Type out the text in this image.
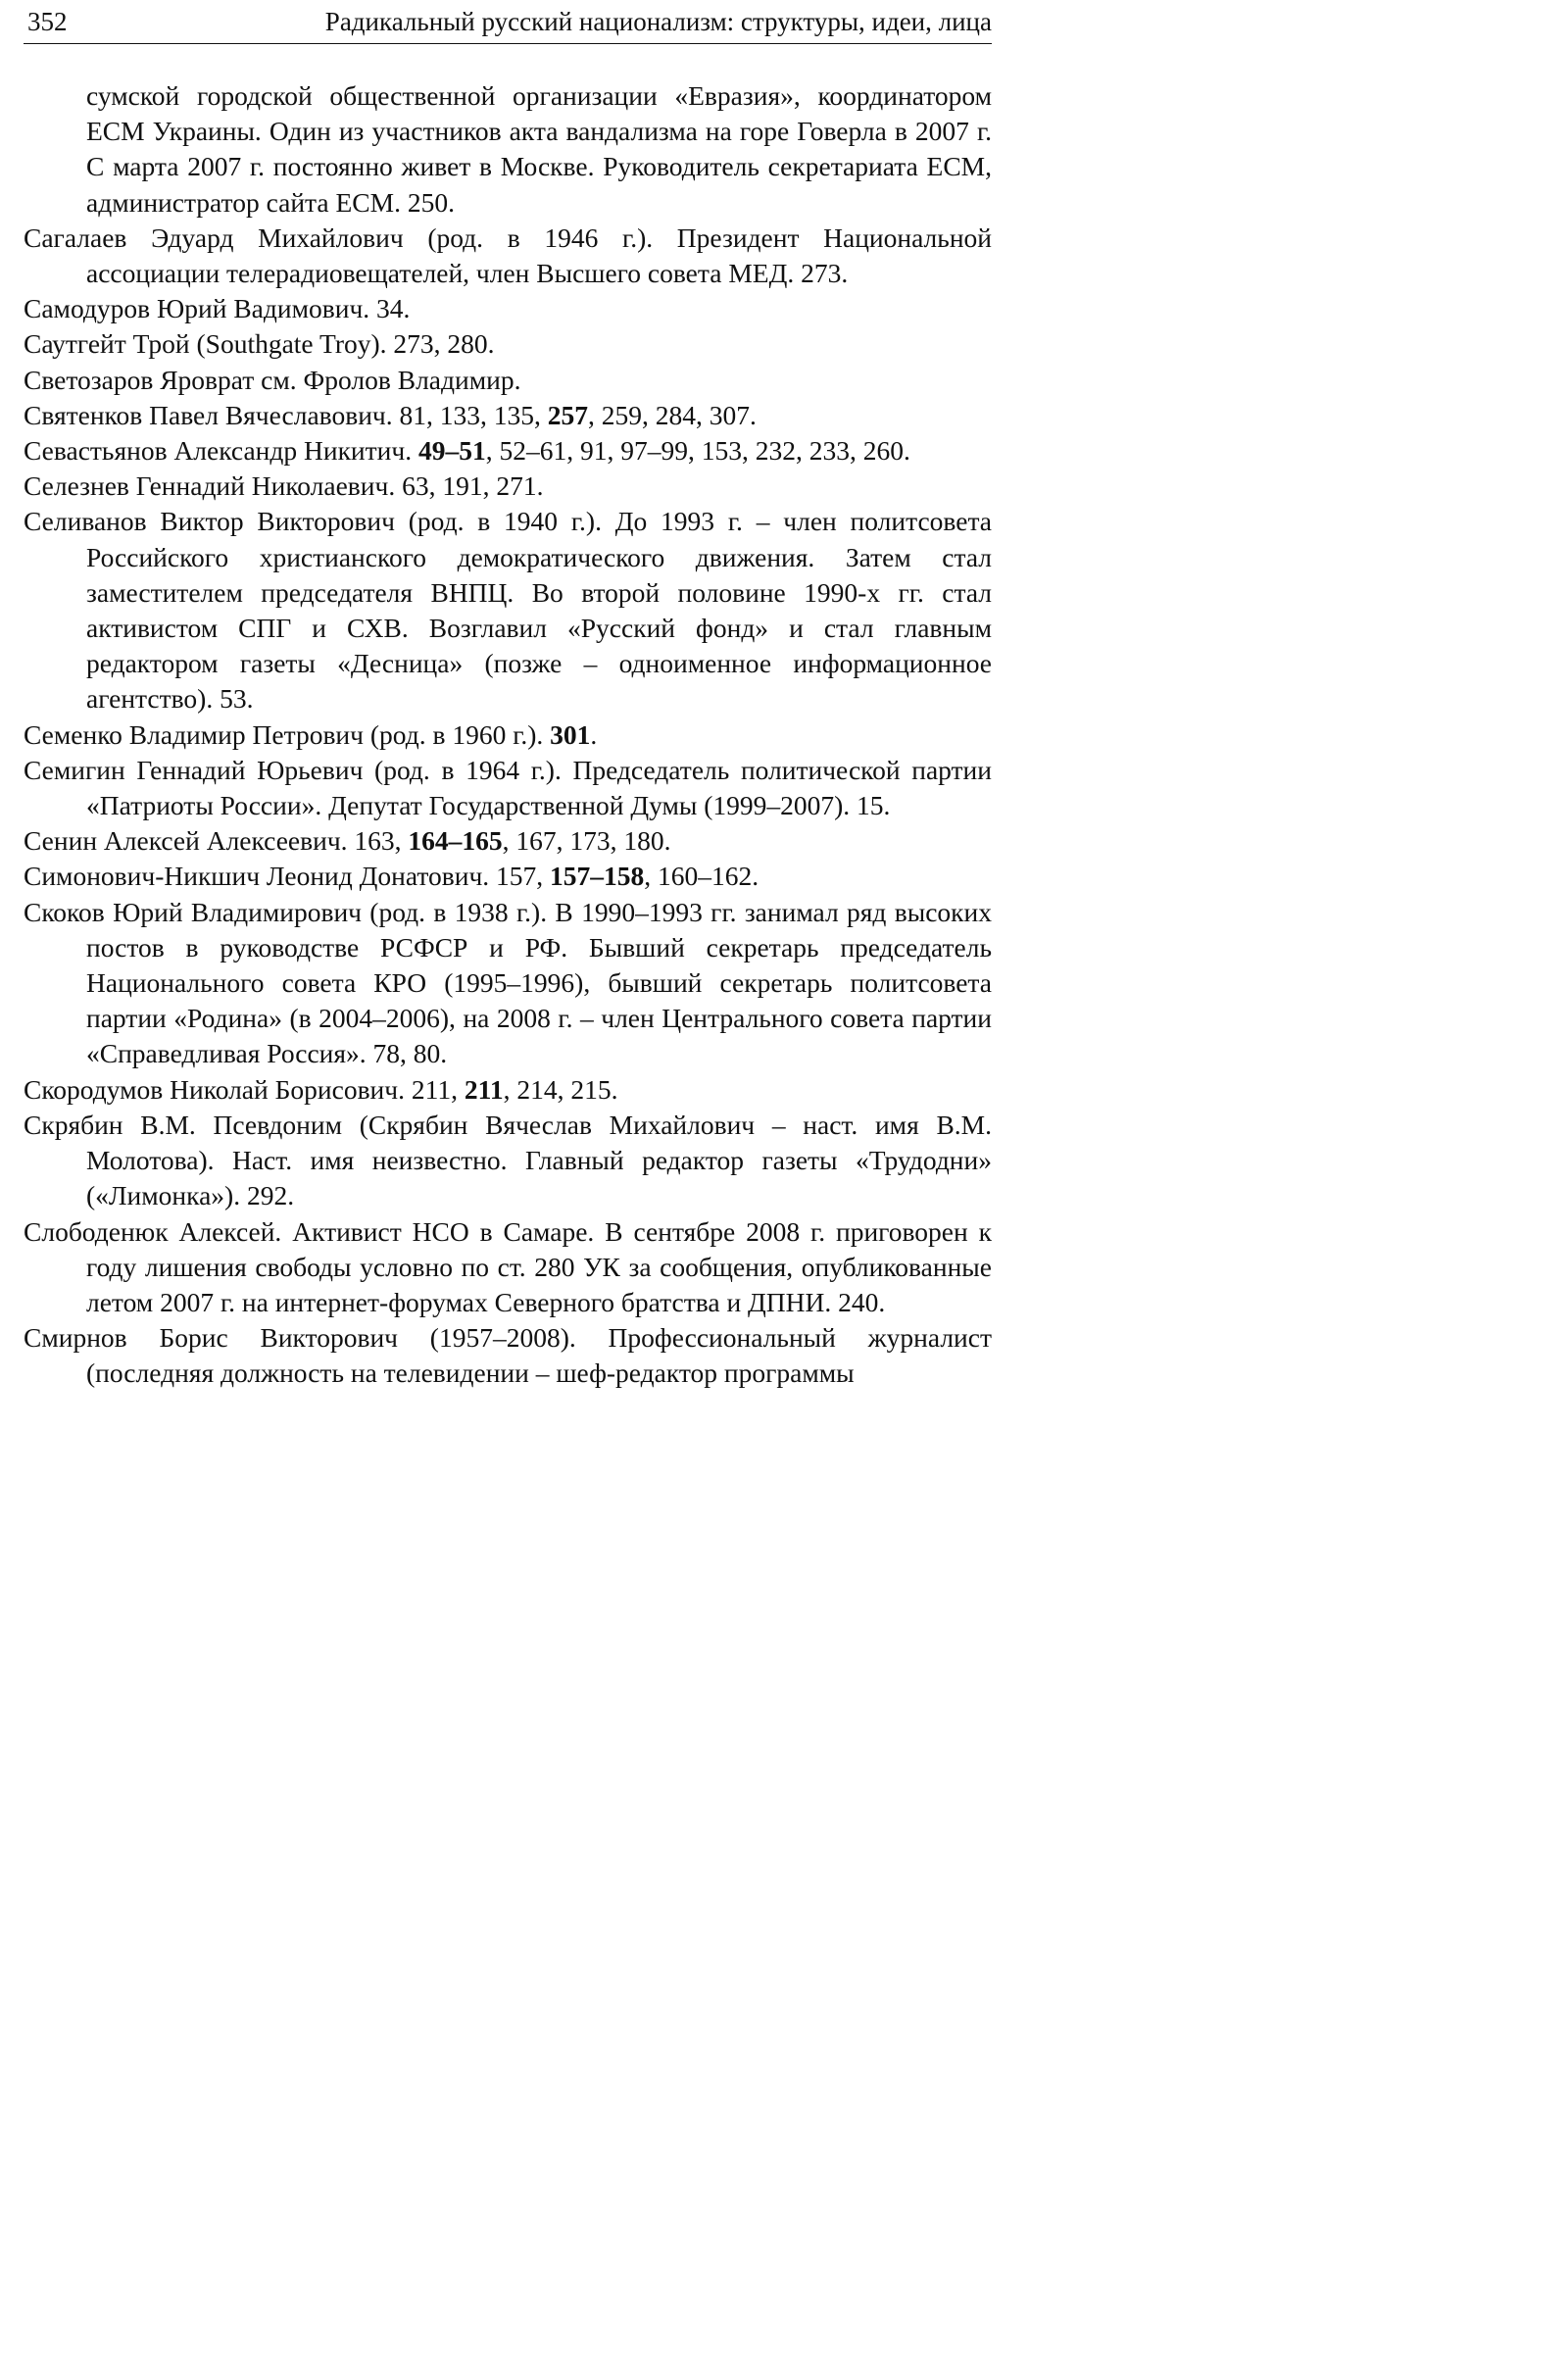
352	Радикальный русский национализм: структуры, идеи, лица

сумской городской общественной организации «Евразия», координатором ЕСМ Украины. Один из участников акта вандализма на горе Говерла в 2007 г. С марта 2007 г. постоянно живет в Москве. Руководитель секретариата ЕСМ, администратор сайта ЕСМ. 250.

Сагалаев Эдуард Михайлович (род. в 1946 г.). Президент Национальной ассоциации телерадиовещателей, член Высшего совета МЕД. 273.

Самодуров Юрий Вадимович. 34.

Саутгейт Трой (Southgate Troy). 273, 280.

Светозаров Яроврат см. Фролов Владимир.

Святенков Павел Вячеславович. 81, 133, 135, 257, 259, 284, 307.

Севастьянов Александр Никитич. 49–51, 52–61, 91, 97–99, 153, 232, 233, 260.

Селезнев Геннадий Николаевич. 63, 191, 271.

Селиванов Виктор Викторович (род. в 1940 г.). До 1993 г. – член политсовета Российского христианского демократического движения. Затем стал заместителем председателя ВНПЦ. Во второй половине 1990-х гг. стал активистом СПГ и СХВ. Возглавил «Русский фонд» и стал главным редактором газеты «Десница» (позже – одноименное информационное агентство). 53.

Семенко Владимир Петрович (род. в 1960 г.). 301.

Семигин Геннадий Юрьевич (род. в 1964 г.). Председатель политической партии «Патриоты России». Депутат Государственной Думы (1999–2007). 15.

Сенин Алексей Алексеевич. 163, 164–165, 167, 173, 180.

Симонович-Никшич Леонид Донатович. 157, 157–158, 160–162.

Скоков Юрий Владимирович (род. в 1938 г.). В 1990–1993 гг. занимал ряд высоких постов в руководстве РСФСР и РФ. Бывший секретарь председатель Национального совета КРО (1995–1996), бывший секретарь политсовета партии «Родина» (в 2004–2006), на 2008 г. – член Центрального совета партии «Справедливая Россия». 78, 80.

Скородумов Николай Борисович. 211, 211, 214, 215.

Скрябин В.М. Псевдоним (Скрябин Вячеслав Михайлович – наст. имя В.М. Молотова). Наст. имя неизвестно. Главный редактор газеты «Трудодни» («Лимонка»). 292.

Слободенюк Алексей. Активист НСО в Самаре. В сентябре 2008 г. приговорен к году лишения свободы условно по ст. 280 УК за сообщения, опубликованные летом 2007 г. на интернет-форумах Северного братства и ДПНИ. 240.

Смирнов Борис Викторович (1957–2008). Профессиональный журналист (последняя должность на телевидении – шеф-редактор программы
